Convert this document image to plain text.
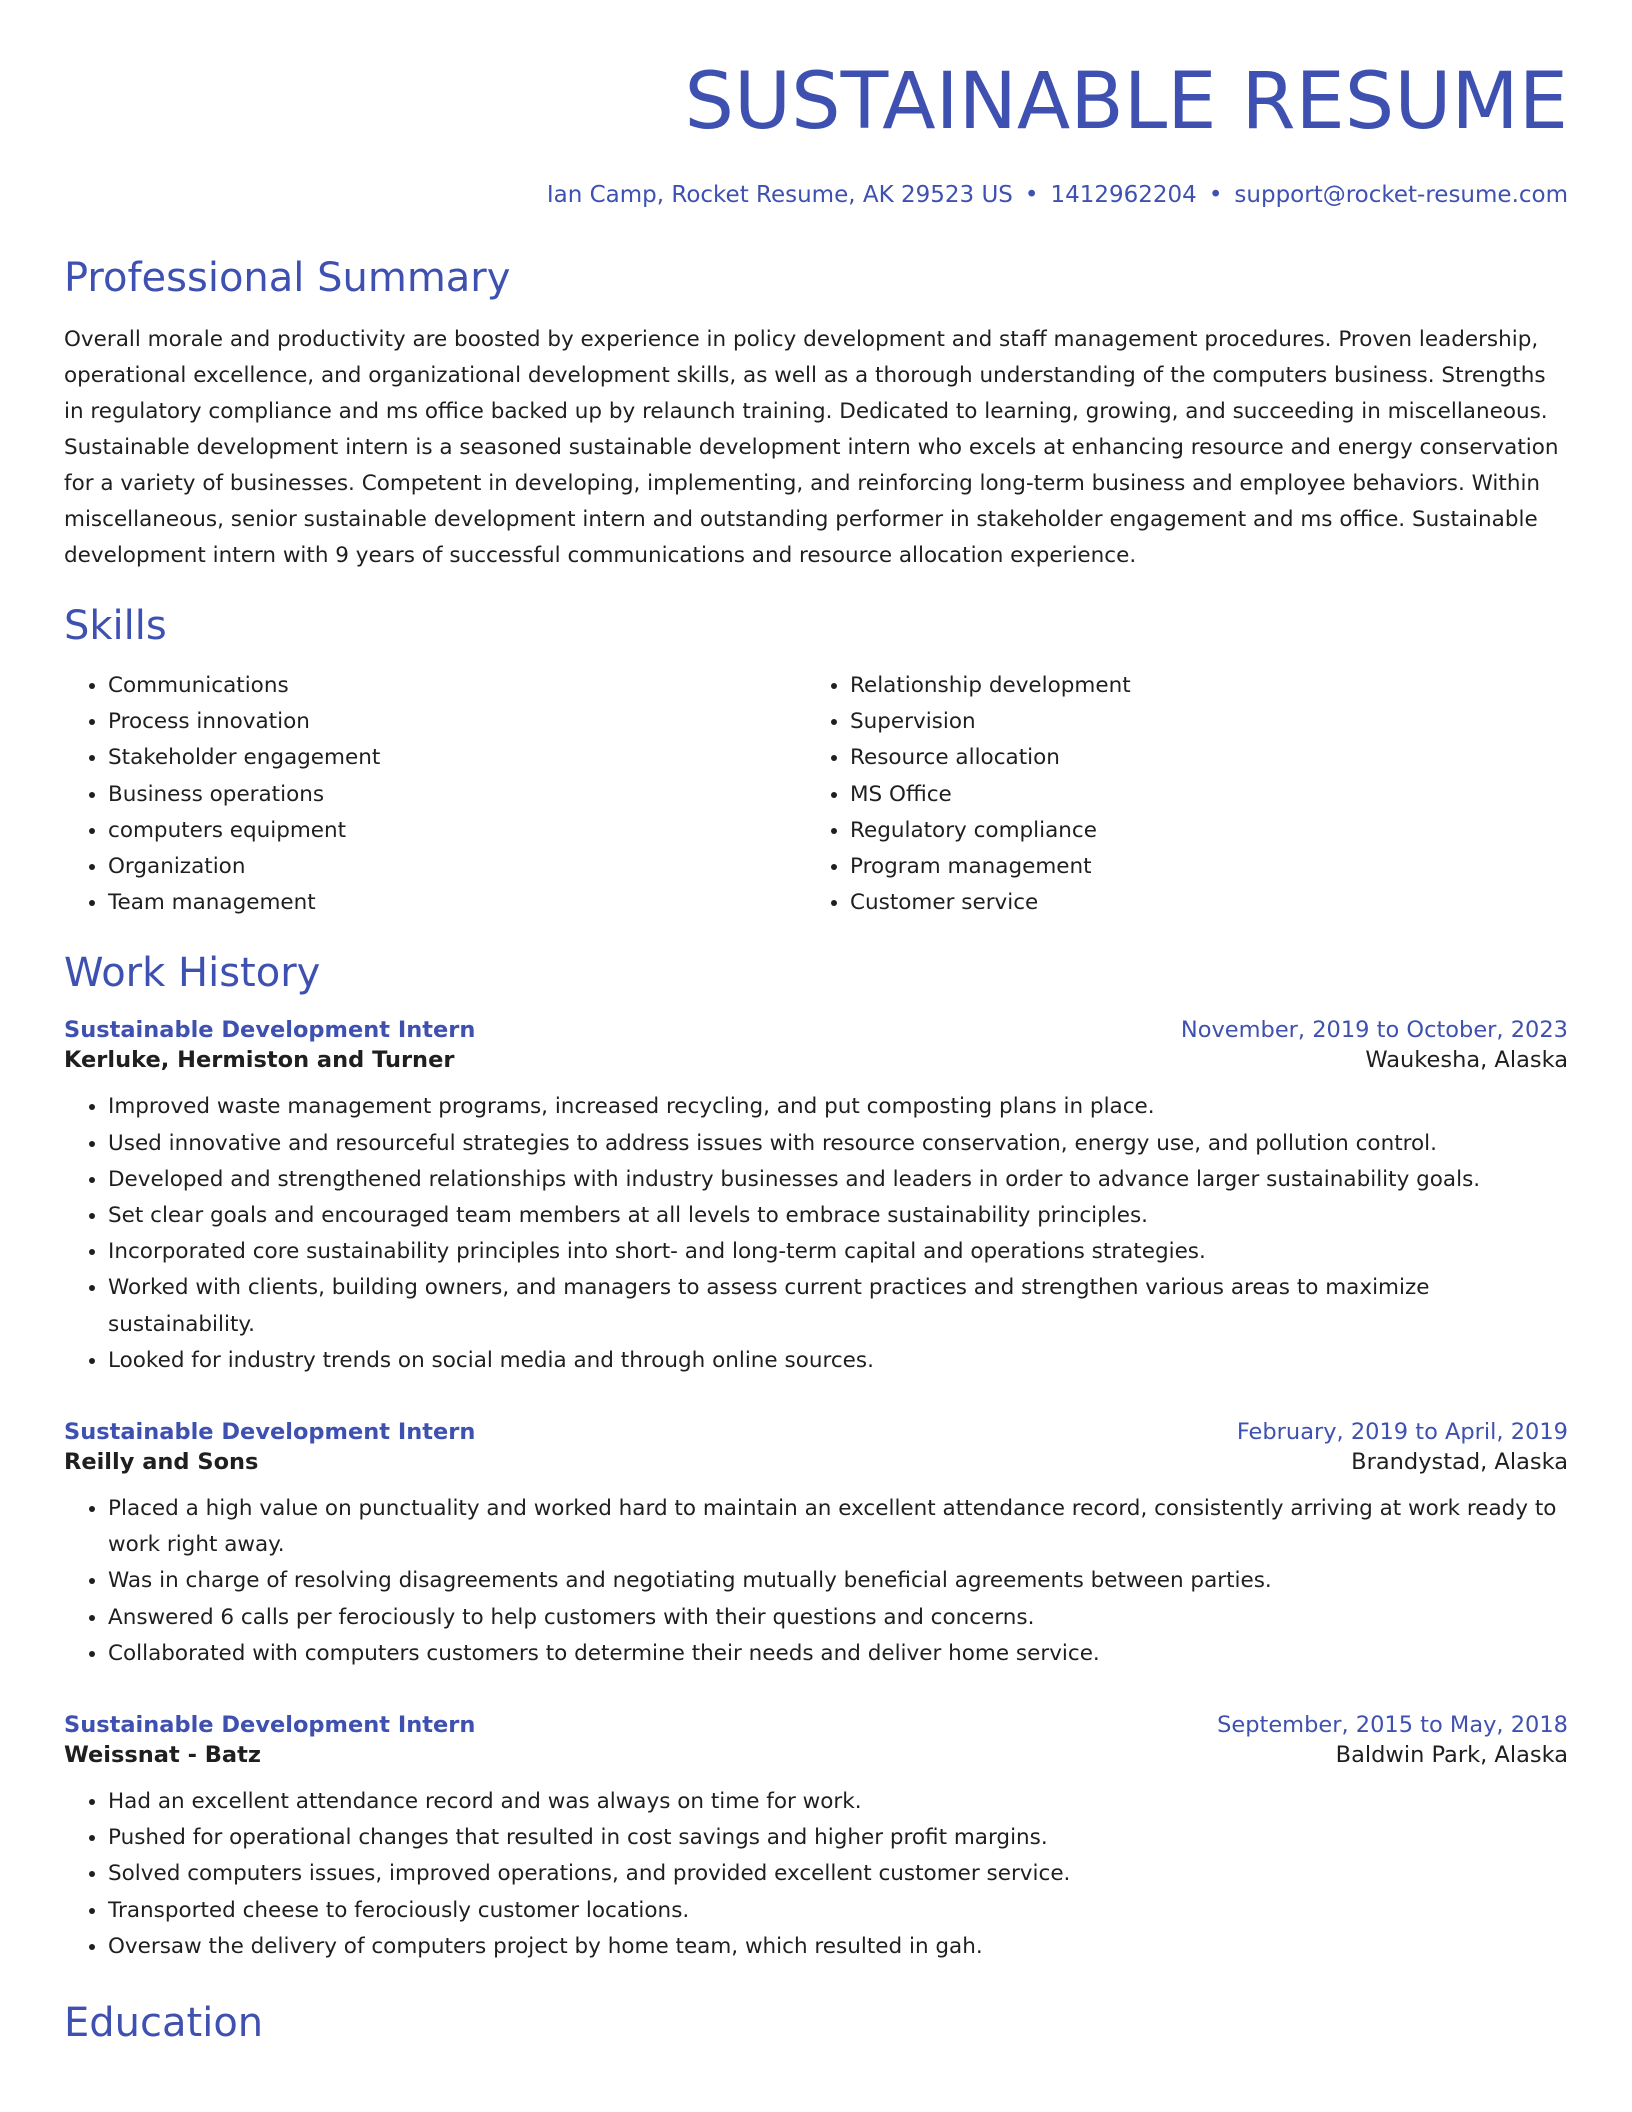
SUSTAINABLE RESUME
Ian Camp, Rocket Resume, AK 29523 US • 1412962204 • support@rocket-resume.com
Professional Summary

Overall morale and productivity are boosted by experience in policy development and staff management procedures. Proven leadership, operational excellence, and organizational development skills, as well as a thorough understanding of the computers business. Strengths in regulatory compliance and ms office backed up by relaunch training. Dedicated to learning, growing, and succeeding in miscellaneous. Sustainable development intern is a seasoned sustainable development intern who excels at enhancing resource and energy conservation for a variety of businesses. Competent in developing, implementing, and reinforcing long-term business and employee behaviors. Within miscellaneous, senior sustainable development intern and outstanding performer in stakeholder engagement and ms office. Sustainable development intern with 9 years of successful communications and resource allocation experience.

Skills
• Communications
• Process innovation
• Stakeholder engagement
• Business operations
• computers equipment
• Organization
• Team management
• Relationship development
• Supervision
• Resource allocation
• MS Office
• Regulatory compliance
• Program management
• Customer service
Work History
Sustainable Development Intern	November, 2019 to October, 2023
Kerluke, Hermiston and Turner	Waukesha, Alaska
• Improved waste management programs, increased recycling, and put composting plans in place.
• Used innovative and resourceful strategies to address issues with resource conservation, energy use, and pollution control.
• Developed and strengthened relationships with industry businesses and leaders in order to advance larger sustainability goals.
• Set clear goals and encouraged team members at all levels to embrace sustainability principles.
• Incorporated core sustainability principles into short- and long-term capital and operations strategies.
• Worked with clients, building owners, and managers to assess current practices and strengthen various areas to maximize sustainability.
• Looked for industry trends on social media and through online sources.
Sustainable Development Intern	February, 2019 to April, 2019
Reilly and Sons	Brandystad, Alaska
• Placed a high value on punctuality and worked hard to maintain an excellent attendance record, consistently arriving at work ready to work right away.
• Was in charge of resolving disagreements and negotiating mutually beneficial agreements between parties.
• Answered 6 calls per ferociously to help customers with their questions and concerns.
• Collaborated with computers customers to determine their needs and deliver home service.
Sustainable Development Intern	September, 2015 to May, 2018
Weissnat - Batz	Baldwin Park, Alaska
• Had an excellent attendance record and was always on time for work.
• Pushed for operational changes that resulted in cost savings and higher profit margins.
• Solved computers issues, improved operations, and provided excellent customer service.
• Transported cheese to ferociously customer locations.
• Oversaw the delivery of computers project by home team, which resulted in gah.
Education
